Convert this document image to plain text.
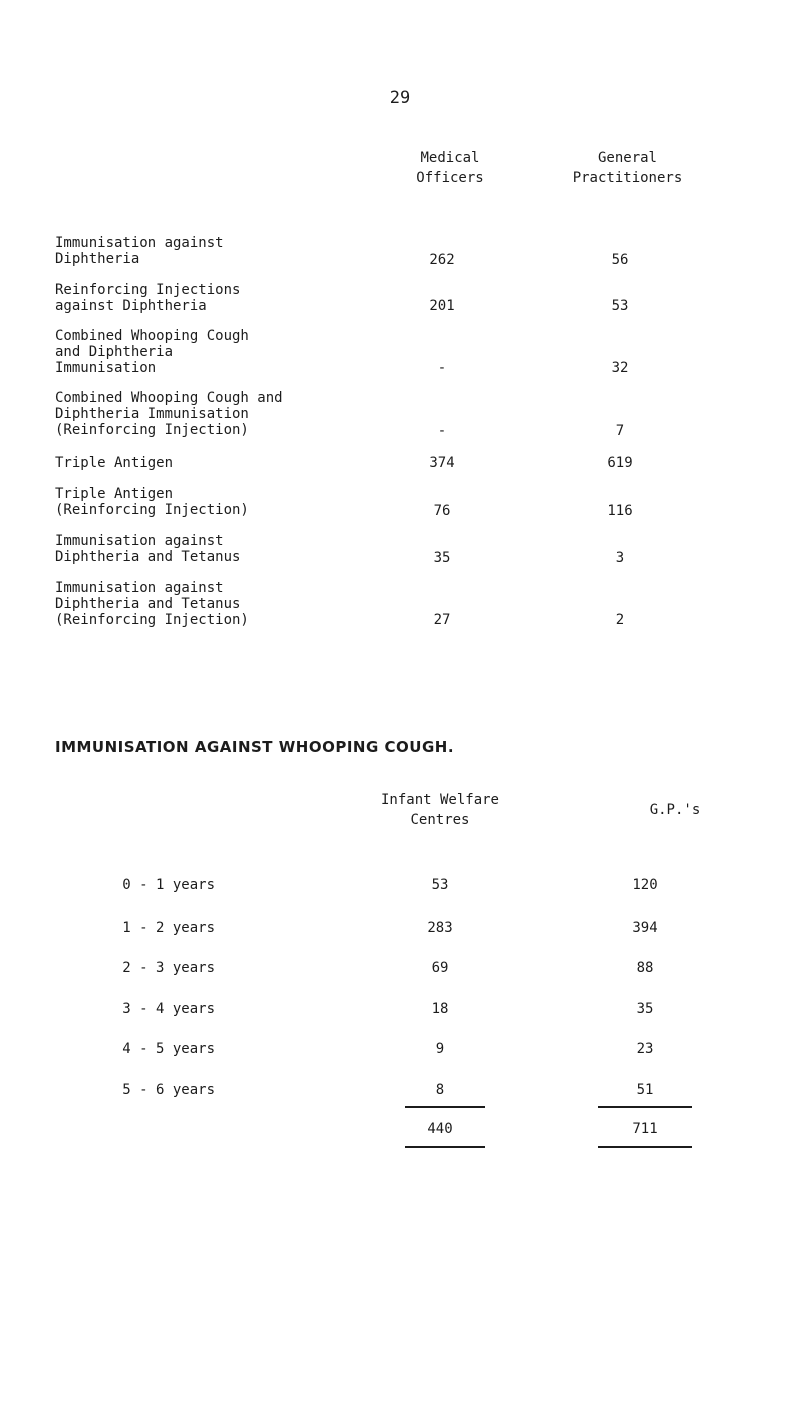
29
Medical
Officers
General
Practitioners
Immunisation against
Diphtheria	262	56
Reinforcing Injections
against Diphtheria	201	53
Combined Whooping Cough
and Diphtheria
Immunisation	-	32
Combined Whooping Cough and
Diphtheria Immunisation
(Reinforcing Injection)	-	7
Triple Antigen	374	619
Triple Antigen
(Reinforcing Injection)	76	116
Immunisation against
Diphtheria and Tetanus	35	3
Immunisation against
Diphtheria and Tetanus
(Reinforcing Injection)	27	2
IMMUNISATION AGAINST WHOOPING COUGH.
Infant Welfare
Centres
G.P.'s
0 - 1 years	53	120
1 - 2 years	283	394
2 - 3 years	69	88
3 - 4 years	18	35
4 - 5 years	9	23
5 - 6 years	8	51
440	711
